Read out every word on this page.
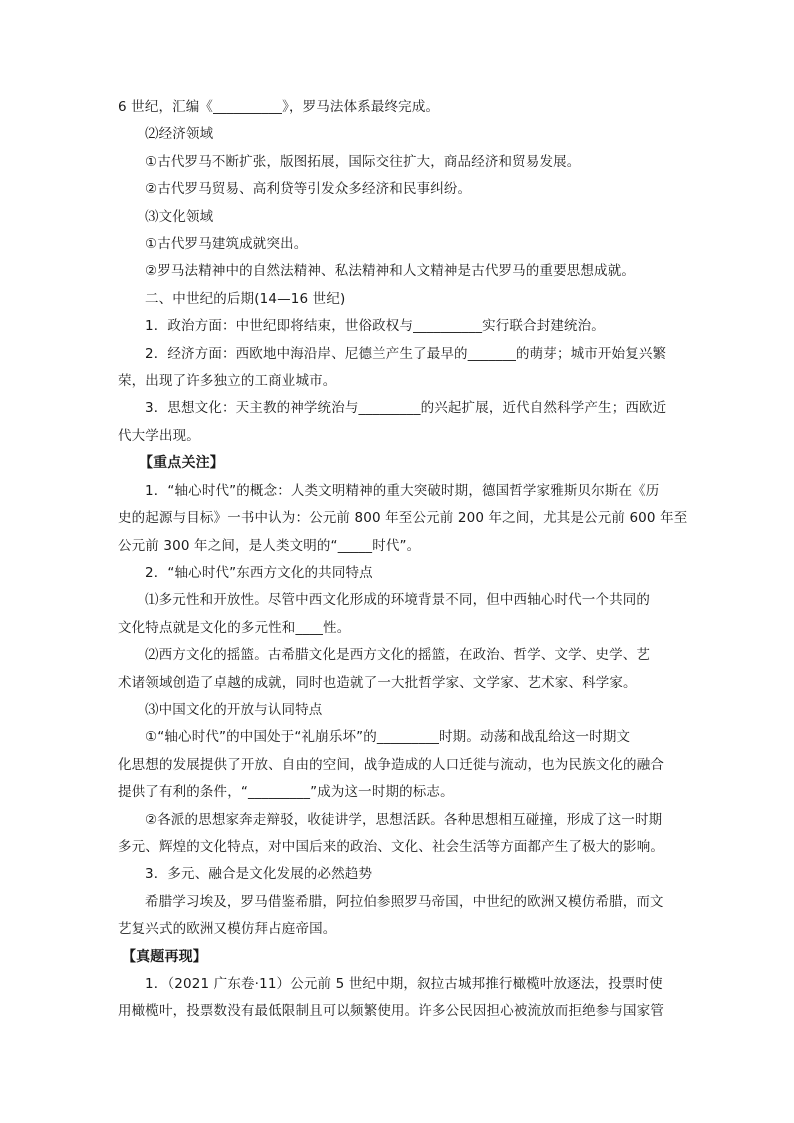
6 世纪，汇编《__________》，罗马法体系最终完成。
⑵经济领域
①古代罗马不断扩张，版图拓展，国际交往扩大，商品经济和贸易发展。
②古代罗马贸易、高利贷等引发众多经济和民事纠纷。
⑶文化领域
①古代罗马建筑成就突出。
②罗马法精神中的自然法精神、私法精神和人文精神是古代罗马的重要思想成就。
二、中世纪的后期(14—16 世纪)
1．政治方面：中世纪即将结束，世俗政权与__________实行联合封建统治。
2．经济方面：西欧地中海沿岸、尼德兰产生了最早的_______的萌芽；城市开始复兴繁
荣，出现了许多独立的工商业城市。
3．思想文化：天主教的神学统治与_________的兴起扩展，近代自然科学产生；西欧近
代大学出现。
【重点关注】
1．“轴心时代”的概念：人类文明精神的重大突破时期，德国哲学家雅斯贝尔斯在《历
史的起源与目标》一书中认为：公元前 800 年至公元前 200 年之间，尤其是公元前 600 年至
公元前 300 年之间，是人类文明的“_____时代”。
2．“轴心时代”东西方文化的共同特点
⑴多元性和开放性。尽管中西文化形成的环境背景不同，但中西轴心时代一个共同的
文化特点就是文化的多元性和____性。
⑵西方文化的摇篮。古希腊文化是西方文化的摇篮，在政治、哲学、文学、史学、艺
术诸领域创造了卓越的成就，同时也造就了一大批哲学家、文学家、艺术家、科学家。
⑶中国文化的开放与认同特点
①“轴心时代”的中国处于“礼崩乐坏”的_________时期。动荡和战乱给这一时期文
化思想的发展提供了开放、自由的空间，战争造成的人口迁徙与流动，也为民族文化的融合
提供了有利的条件，“_________”成为这一时期的标志。
②各派的思想家奔走辩驳，收徒讲学，思想活跃。各种思想相互碰撞，形成了这一时期
多元、辉煌的文化特点，对中国后来的政治、文化、社会生活等方面都产生了极大的影响。
3．多元、融合是文化发展的必然趋势
希腊学习埃及，罗马借鉴希腊，阿拉伯参照罗马帝国，中世纪的欧洲又模仿希腊，而文
艺复兴式的欧洲又模仿拜占庭帝国。
【真题再现】
1．（2021 广东卷·11）公元前 5 世纪中期，叙拉古城邦推行橄榄叶放逐法，投票时使
用橄榄叶，投票数没有最低限制且可以频繁使用。许多公民因担心被流放而拒绝参与国家管
